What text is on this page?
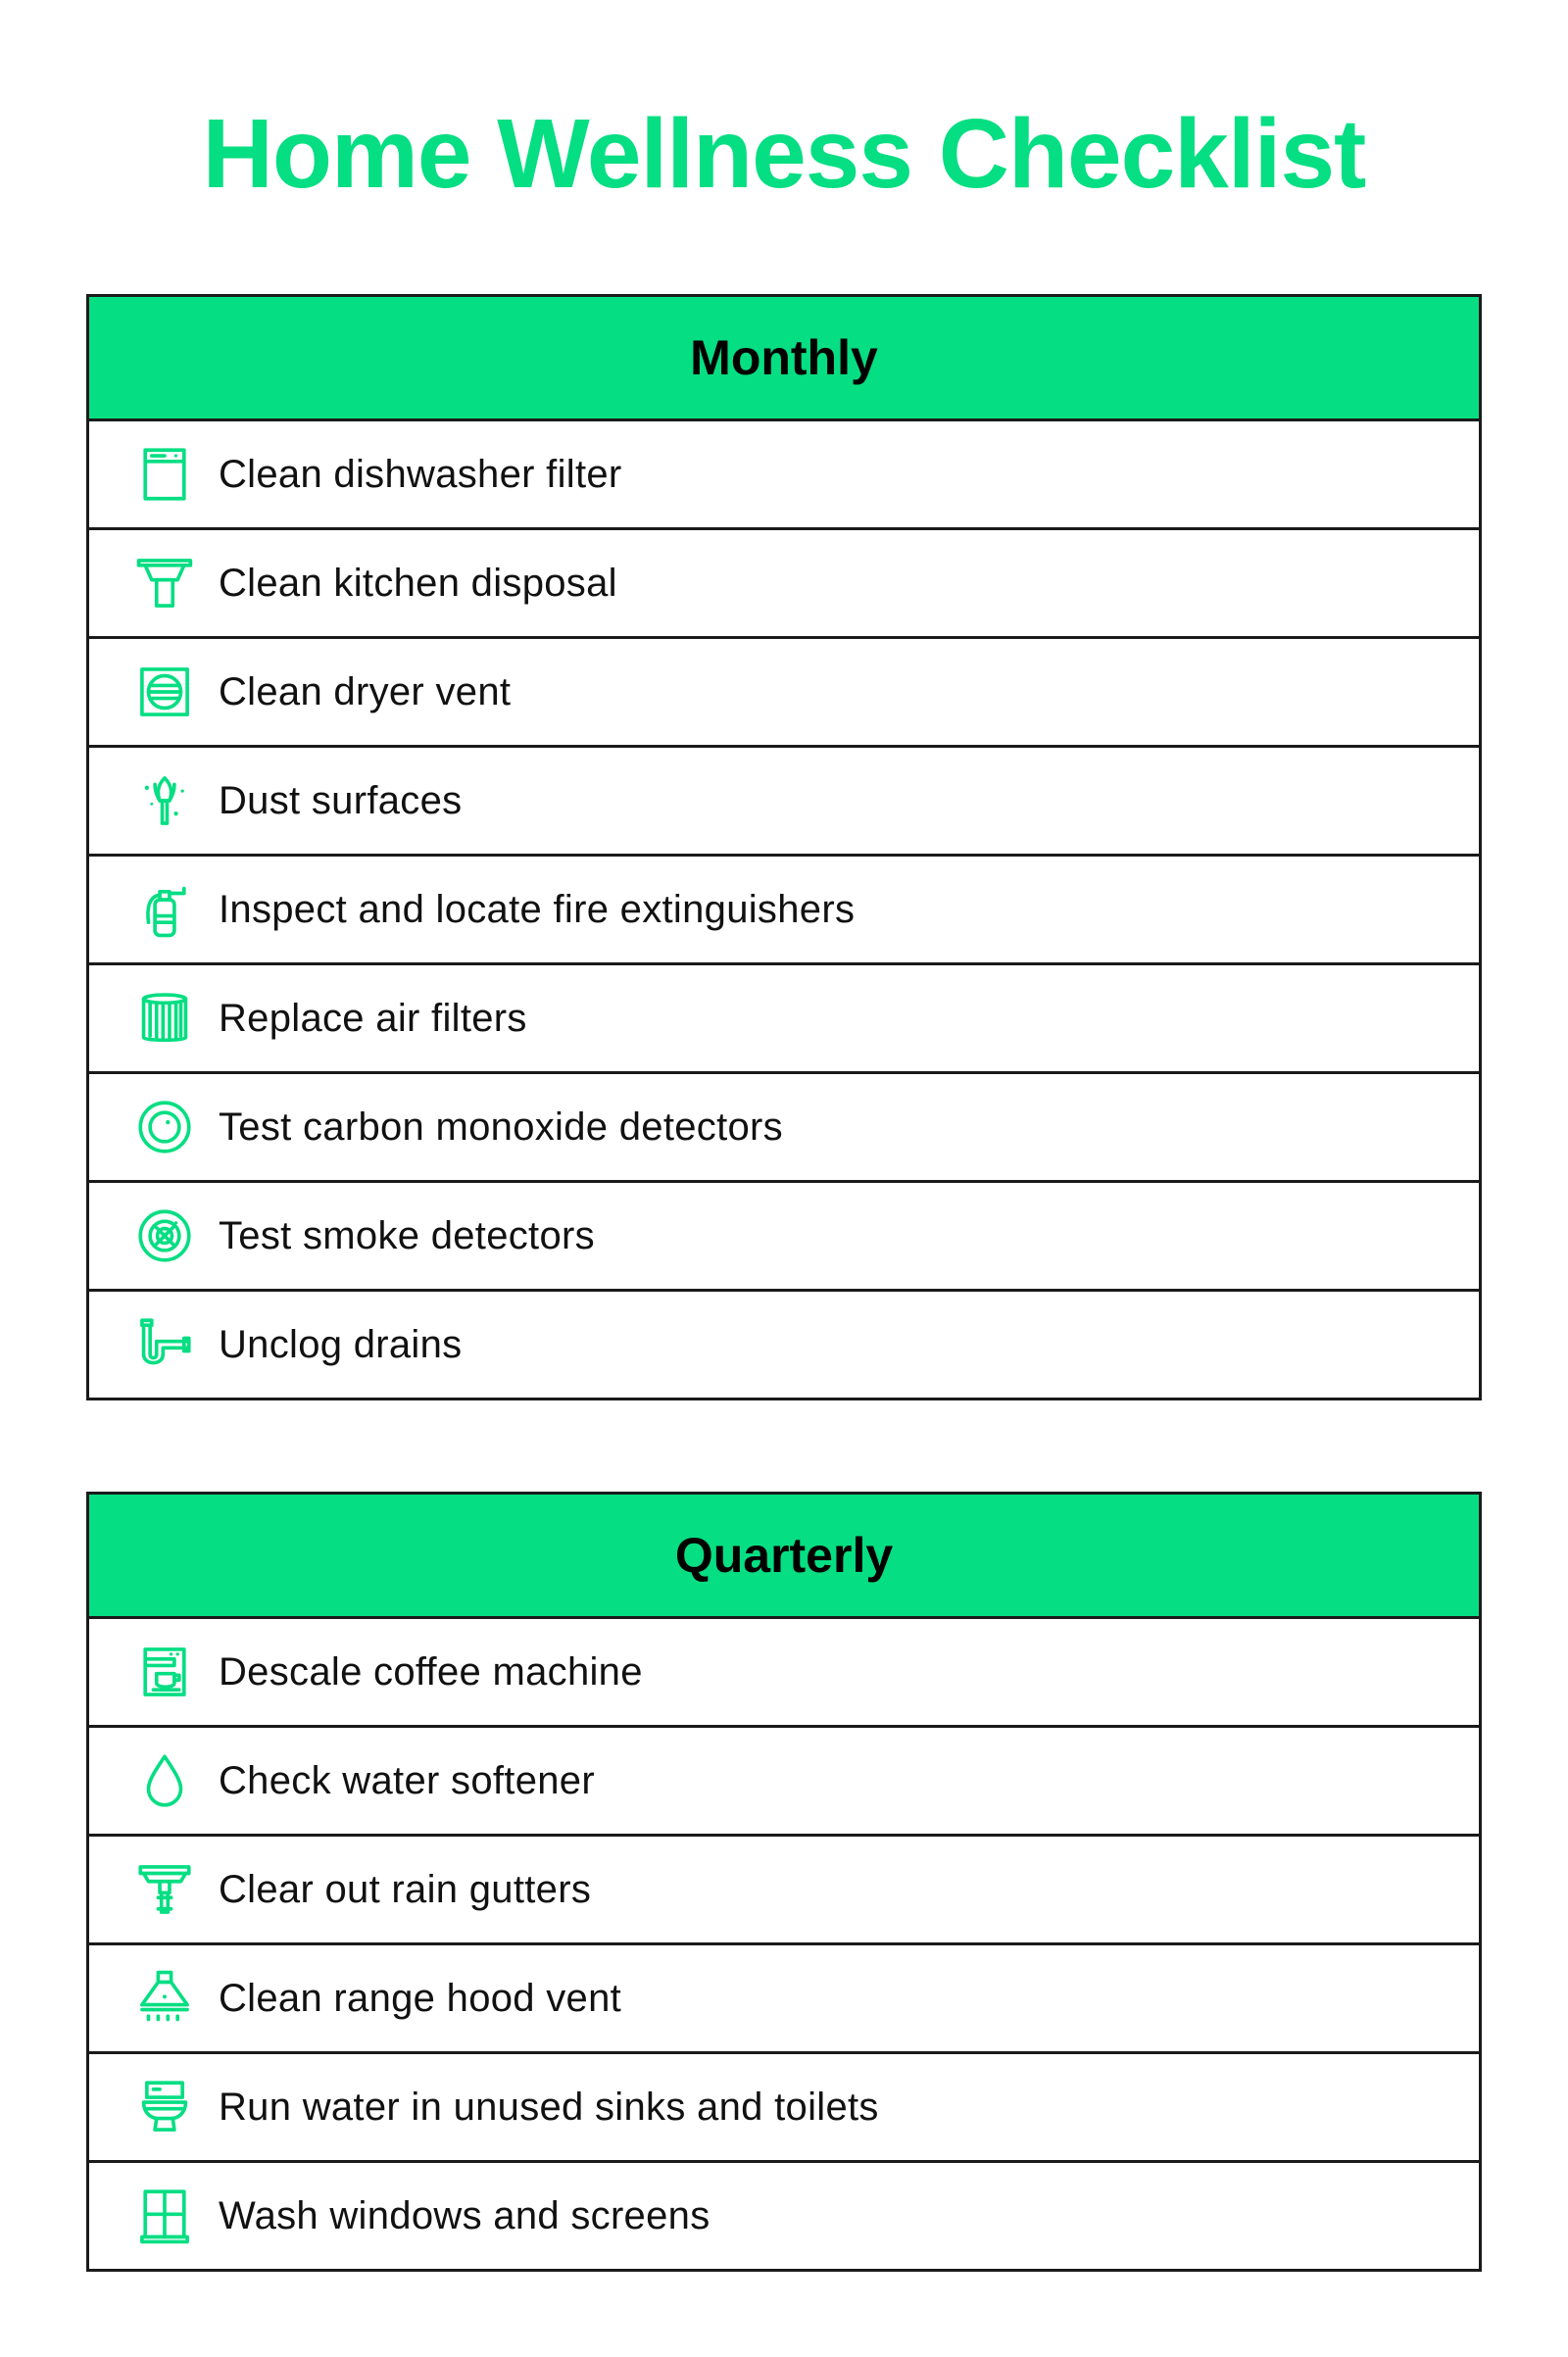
Home Wellness Checklist
Monthly
Clean dishwasher filter
Clean kitchen disposal
Clean dryer vent
Dust surfaces
Inspect and locate fire extinguishers
Replace air filters
Test carbon monoxide detectors
Test smoke detectors
Unclog drains
Quarterly
Descale coffee machine
Check water softener
Clear out rain gutters
Clean range hood vent
Run water in unused sinks and toilets
Wash windows and screens
